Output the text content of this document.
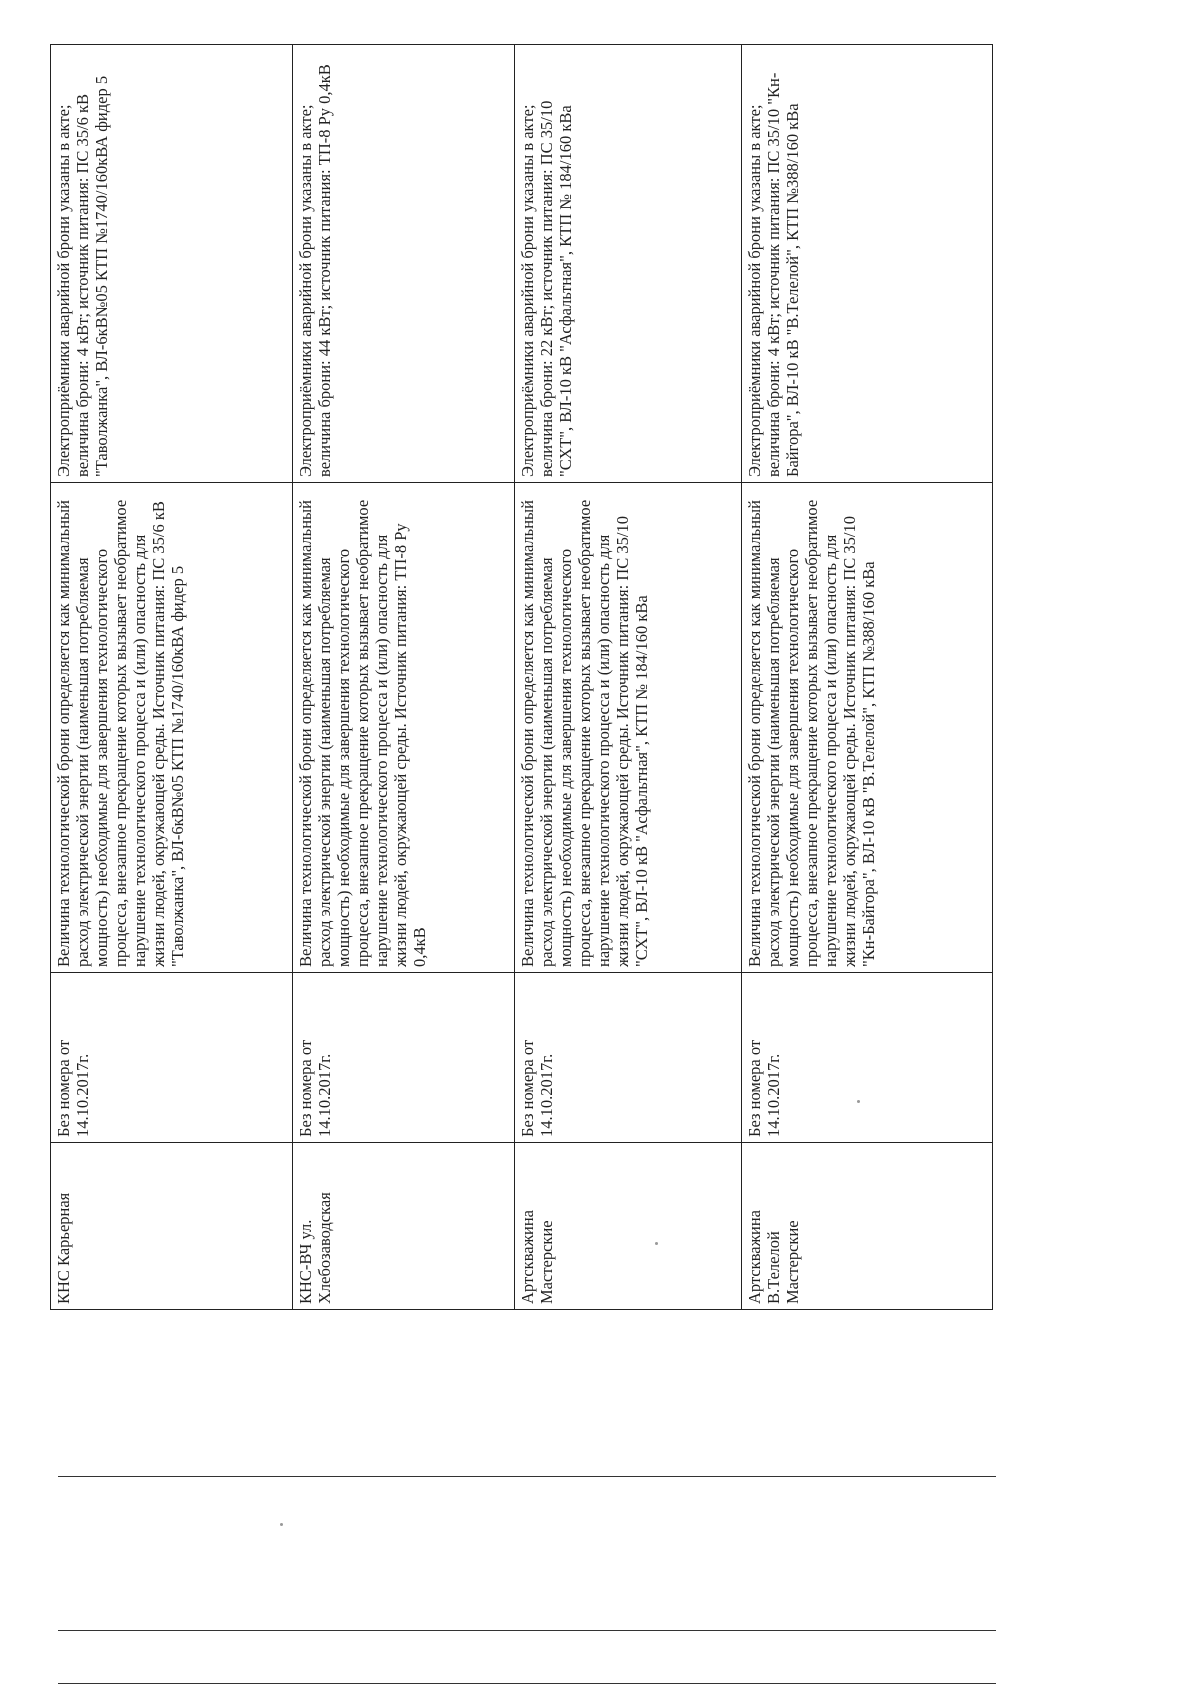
КНС Карьерная	Без номера от 14.10.2017г.	Величина технологической брони определяется как минимальный расход электрической энергии (наименьшая потребляемая мощность) необходимые для завершения технологического процесса, внезапное прекращение которых вызывает необратимое нарушение технологического процесса и (или) опасность для жизни людей, окружающей среды. Источник питания: ПС 35/6 кВ "Таволжанка", ВЛ-6кВ№05 КТП №1740/160кВА фидер 5	Электроприёмники аварийной брони указаны в акте; величина брони: 4 кВт; источник питания: ПС 35/6 кВ "Таволжанка", ВЛ-6кВ№05 КТП №1740/160кВА фидер 5
КНС-ВЧ ул. Хлебозаводская	Без номера от 14.10.2017г.	Величина технологической брони определяется как минимальный расход электрической энергии (наименьшая потребляемая мощность) необходимые для завершения технологического процесса, внезапное прекращение которых вызывает необратимое нарушение технологического процесса и (или) опасность для жизни людей, окружающей среды. Источник питания: ТП-8 Ру 0,4кВ	Электроприёмники аварийной брони указаны в акте; величина брони: 44 кВт; источник питания: ТП-8 Ру 0,4кВ
Артскважина Мастерские	Без номера от 14.10.2017г.	Величина технологической брони определяется как минимальный расход электрической энергии (наименьшая потребляемая мощность) необходимые для завершения технологического процесса, внезапное прекращение которых вызывает необратимое нарушение технологического процесса и (или) опасность для жизни людей, окружающей среды. Источник питания: ПС 35/10 "СХТ", ВЛ-10 кВ "Асфальтная", КТП № 184/160 кВа	Электроприёмники аварийной брони указаны в акте; величина брони: 22 кВт; источник питания: ПС 35/10 "СХТ", ВЛ-10 кВ "Асфальтная", КТП № 184/160 кВа
Артскважина В.Телелой Мастерские	Без номера от 14.10.2017г.	Величина технологической брони определяется как минимальный расход электрической энергии (наименьшая потребляемая мощность) необходимые для завершения технологического процесса, внезапное прекращение которых вызывает необратимое нарушение технологического процесса и (или) опасность для жизни людей, окружающей среды. Источник питания: ПС 35/10 "Кн-Байгора", ВЛ-10 кВ "В.Телелой", КТП №388/160 кВа	Электроприёмники аварийной брони указаны в акте; величина брони: 4 кВт; источник питания: ПС 35/10 "Кн-Байгора", ВЛ-10 кВ "В.Телелой", КТП №388/160 кВа
